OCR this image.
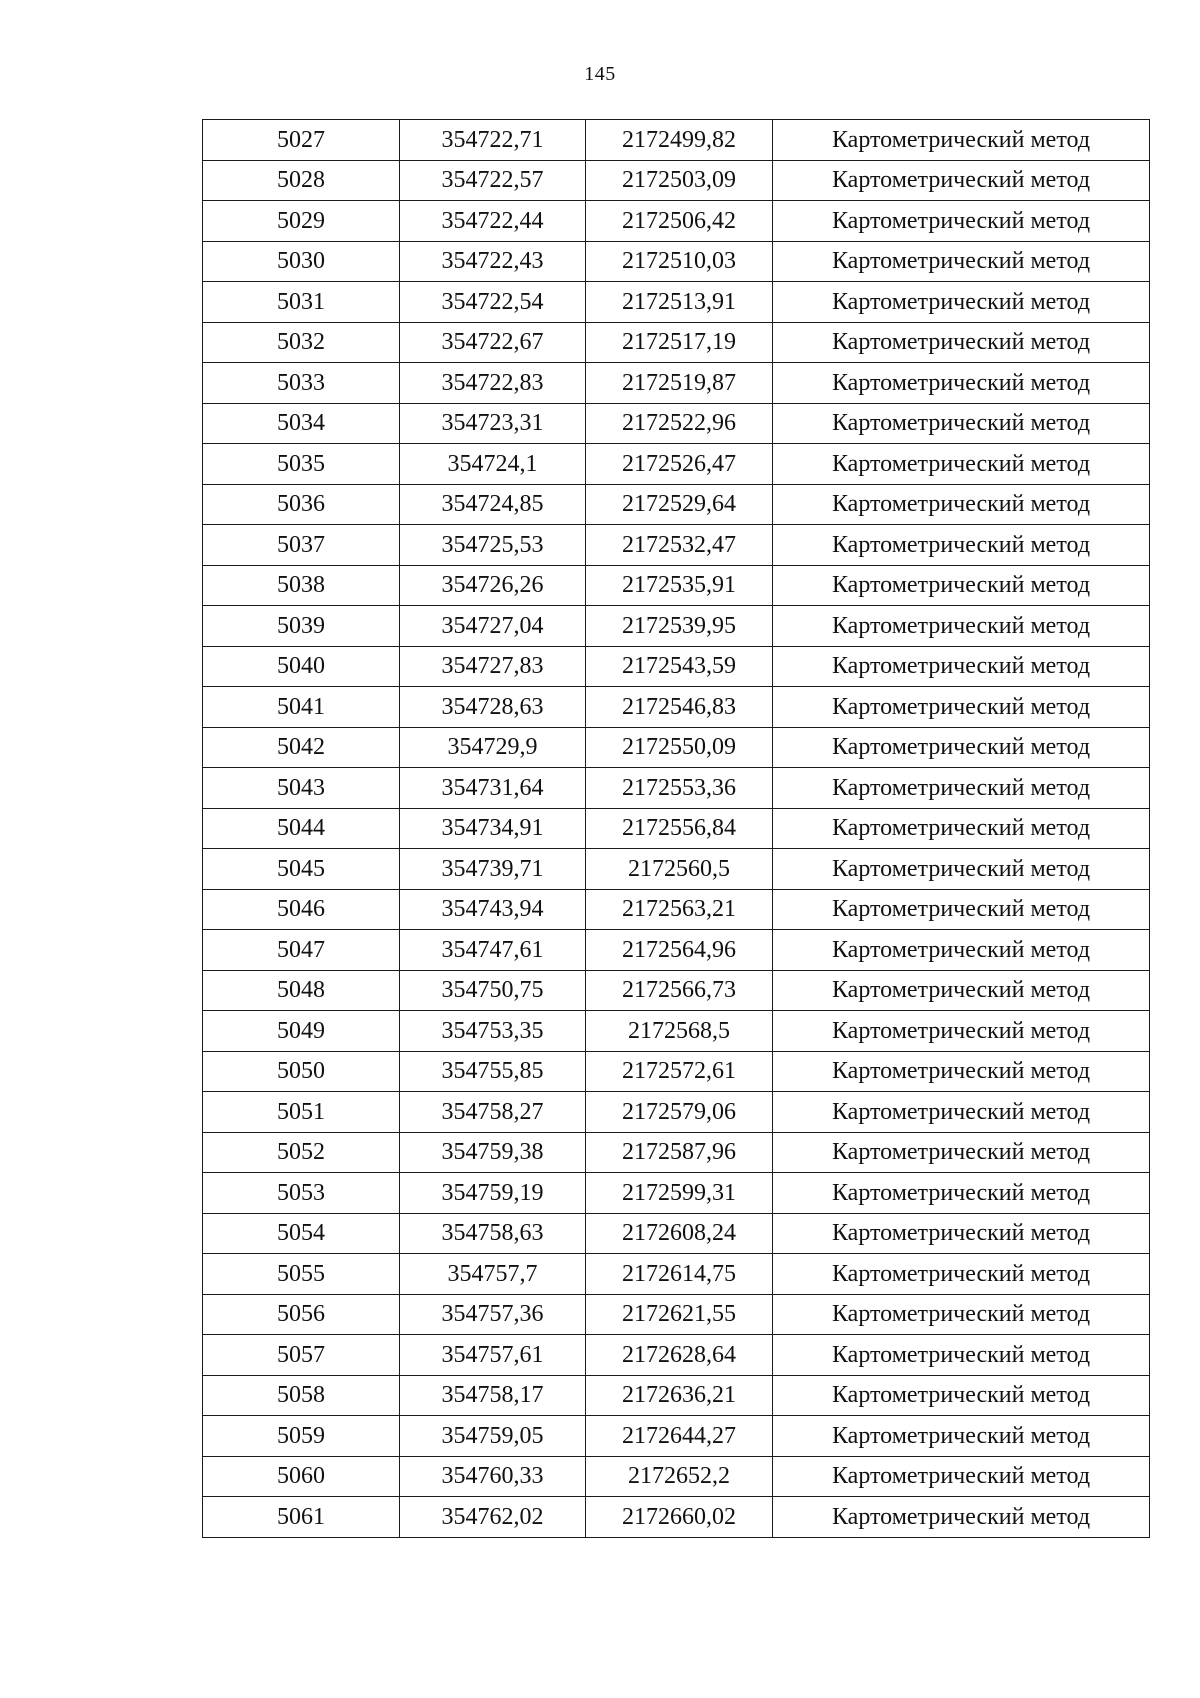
145
5027	354722,71	2172499,82	Картометрический метод
5028	354722,57	2172503,09	Картометрический метод
5029	354722,44	2172506,42	Картометрический метод
5030	354722,43	2172510,03	Картометрический метод
5031	354722,54	2172513,91	Картометрический метод
5032	354722,67	2172517,19	Картометрический метод
5033	354722,83	2172519,87	Картометрический метод
5034	354723,31	2172522,96	Картометрический метод
5035	354724,1	2172526,47	Картометрический метод
5036	354724,85	2172529,64	Картометрический метод
5037	354725,53	2172532,47	Картометрический метод
5038	354726,26	2172535,91	Картометрический метод
5039	354727,04	2172539,95	Картометрический метод
5040	354727,83	2172543,59	Картометрический метод
5041	354728,63	2172546,83	Картометрический метод
5042	354729,9	2172550,09	Картометрический метод
5043	354731,64	2172553,36	Картометрический метод
5044	354734,91	2172556,84	Картометрический метод
5045	354739,71	2172560,5	Картометрический метод
5046	354743,94	2172563,21	Картометрический метод
5047	354747,61	2172564,96	Картометрический метод
5048	354750,75	2172566,73	Картометрический метод
5049	354753,35	2172568,5	Картометрический метод
5050	354755,85	2172572,61	Картометрический метод
5051	354758,27	2172579,06	Картометрический метод
5052	354759,38	2172587,96	Картометрический метод
5053	354759,19	2172599,31	Картометрический метод
5054	354758,63	2172608,24	Картометрический метод
5055	354757,7	2172614,75	Картометрический метод
5056	354757,36	2172621,55	Картометрический метод
5057	354757,61	2172628,64	Картометрический метод
5058	354758,17	2172636,21	Картометрический метод
5059	354759,05	2172644,27	Картометрический метод
5060	354760,33	2172652,2	Картометрический метод
5061	354762,02	2172660,02	Картометрический метод
